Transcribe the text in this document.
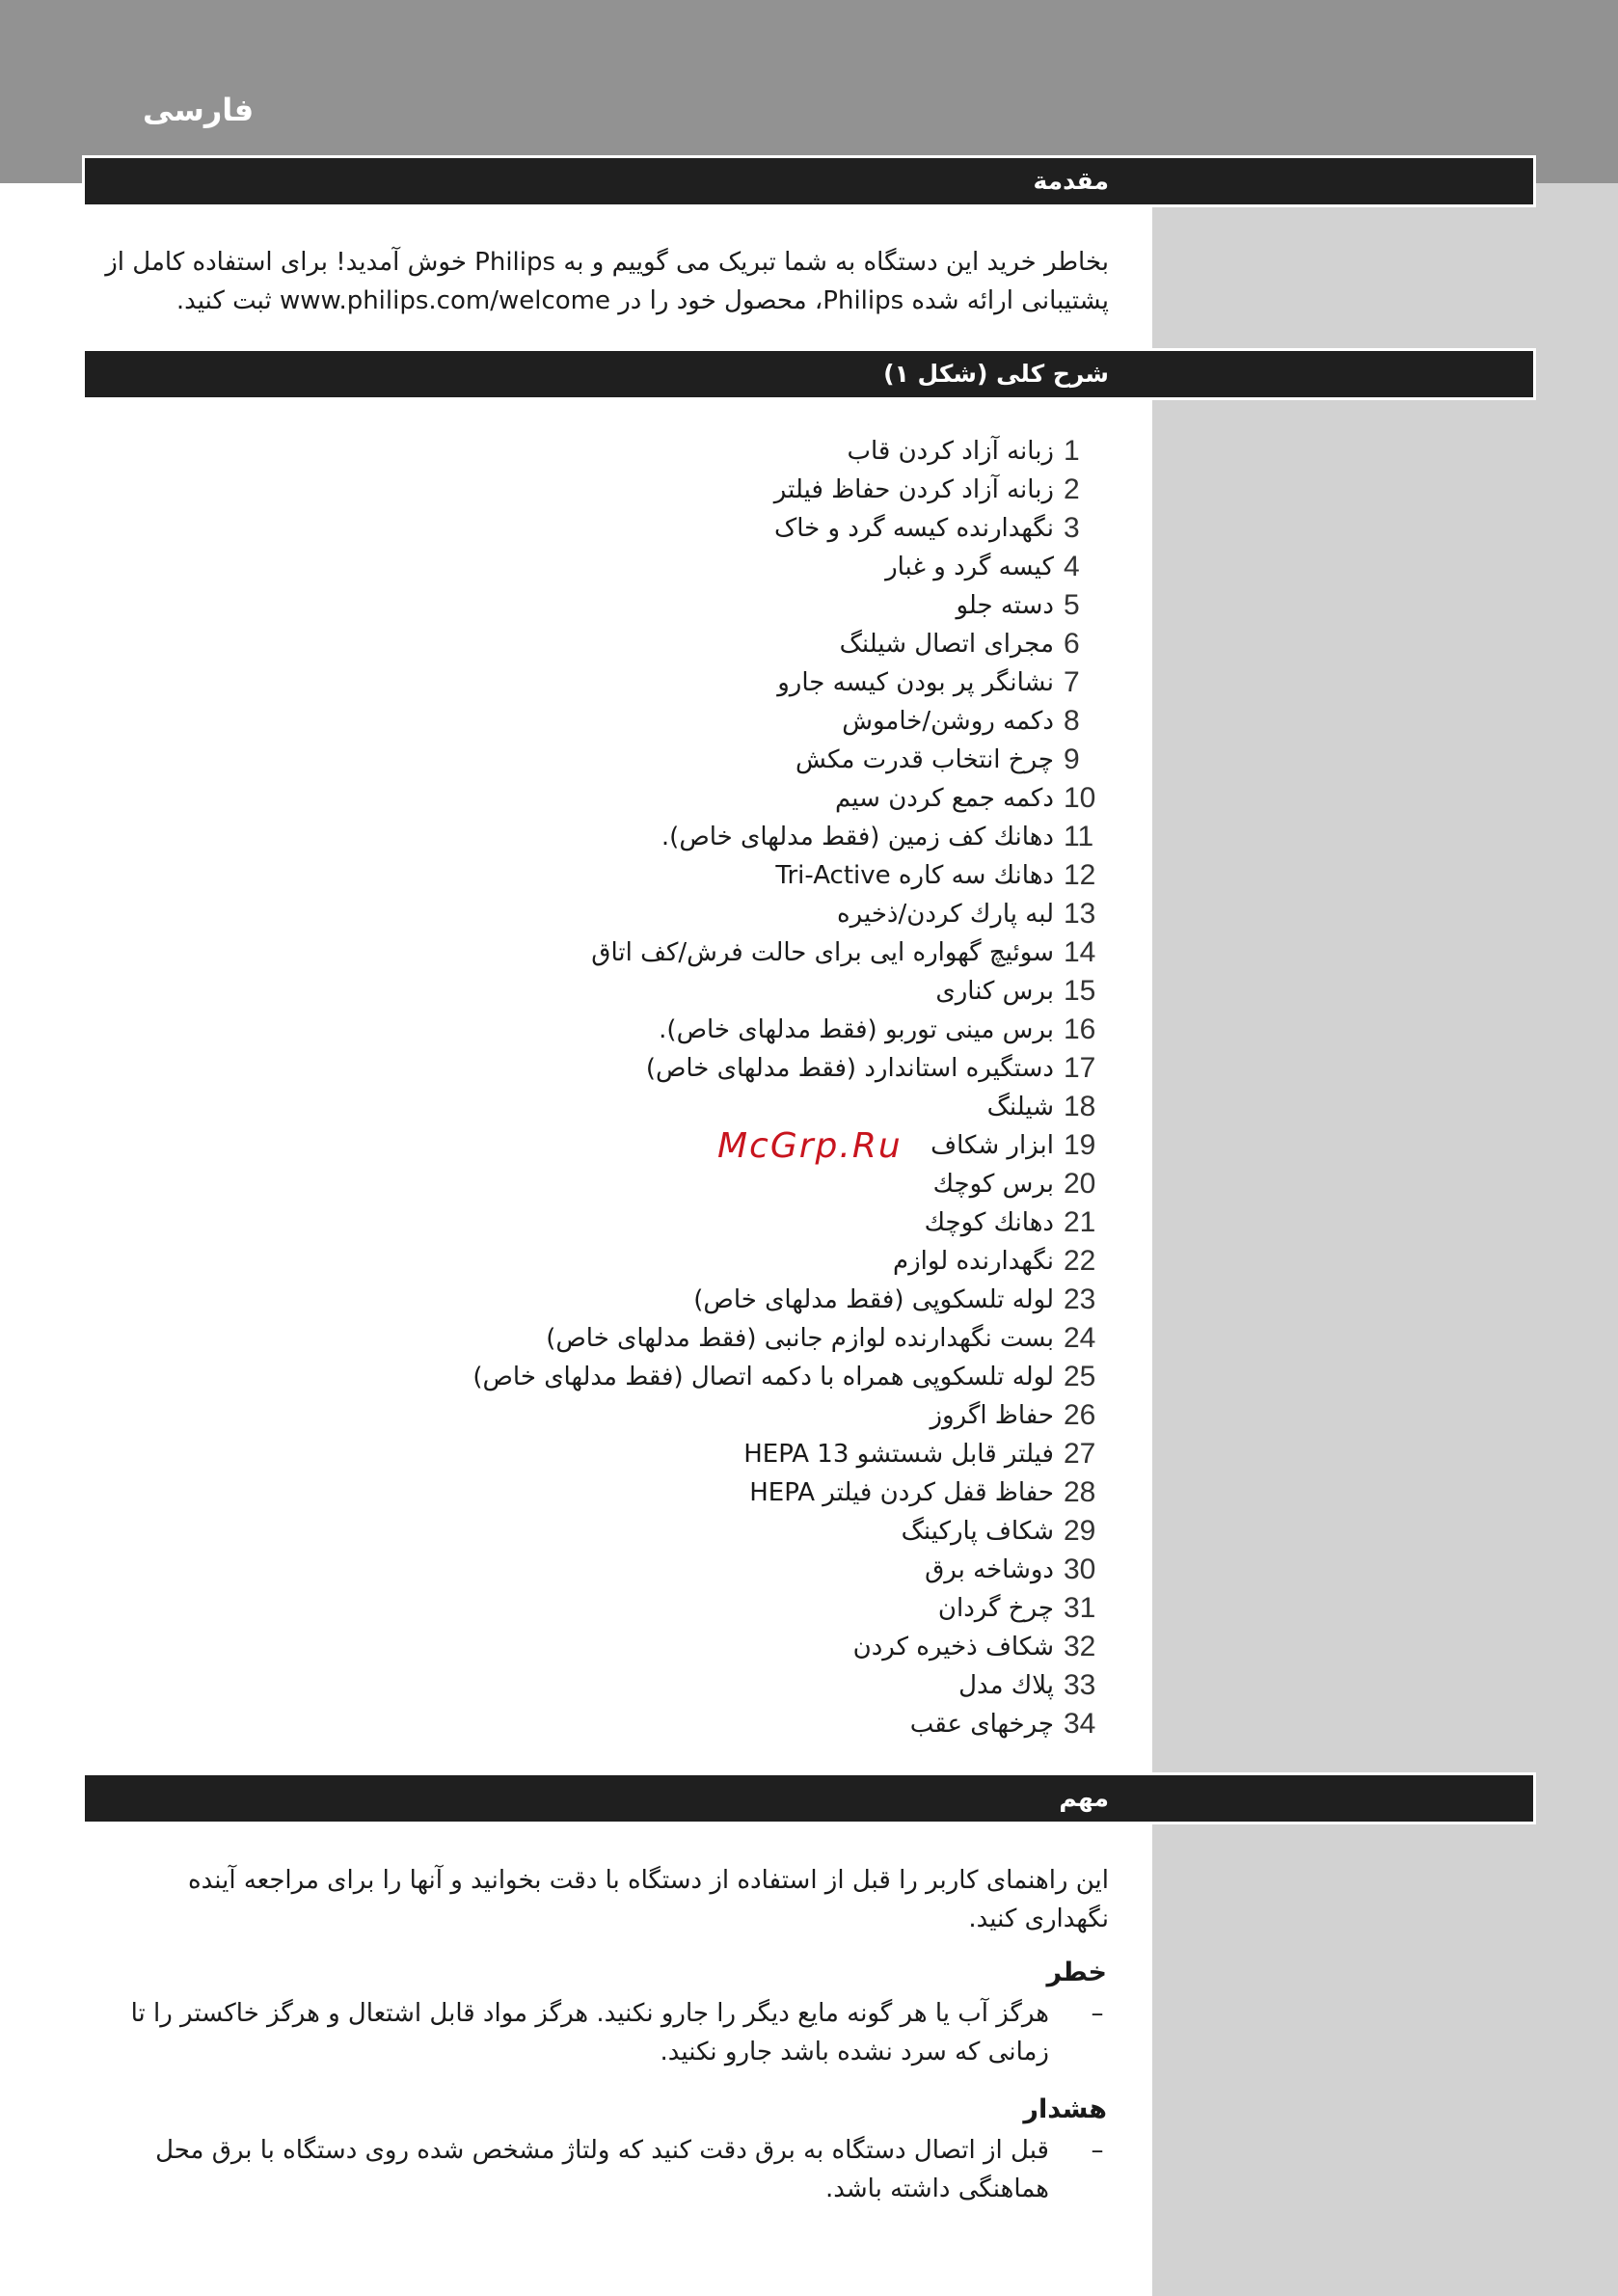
فارسی
مقدمة

بخاطر خرید این دستگاه به شما تبریک می گوییم و به Philips خوش آمدید! برای استفاده کامل از

پشتیبانی ارائه شده Philips، محصول خود را در www.philips.com/welcome ثبت کنید.

شرح کلی (شکل ۱)
1
زبانه آزاد کردن قاب
2
زبانه آزاد کردن حفاظ فیلتر
3
نگهدارنده کیسه گرد و خاک
4
کیسه گرد و غبار
5
دسته جلو
6
مجرای اتصال شیلنگ
7
نشانگر پر بودن کیسه جارو
8
دکمه روشن/خاموش
9
چرخ انتخاب قدرت مکش
10
دکمه جمع کردن سیم
11
دهانك کف زمین (فقط مدلهای خاص).
12
دهانك سه کاره Tri-Active
13
لبه پارك کردن/ذخیره
14
سوئیچ گهواره ایی برای حالت فرش/کف اتاق
15
برس کناری
16
برس مینی توربو (فقط مدلهای خاص).
17
دستگیره استاندارد (فقط مدلهای خاص)
18
شیلنگ
19
ابزار شکاف
20
برس کوچك
21
دهانك کوچك
22
نگهدارنده لوازم
23
لوله تلسکوپی (فقط مدلهای خاص)
24
بست نگهدارنده لوازم جانبی (فقط مدلهای خاص)
25
لوله تلسکوپی همراه با دکمه اتصال (فقط مدلهای خاص)
26
حفاظ اگروز
27
فیلتر قابل شستشو HEPA 13
28
حفاظ قفل کردن فیلتر HEPA
29
شکاف پارکینگ
30
دوشاخه برق
31
چرخ گردان
32
شکاف ذخیره کردن
33
پلاك مدل
34
چرخهای عقب
McGrp.Ru
مهم

این راهنمای کاربر را قبل از استفاده از دستگاه با دقت بخوانید و آنها را برای مراجعه آینده

نگهداری کنید.

خطر
–

هرگز آب یا هر گونه مایع دیگر را جارو نکنید. هرگز مواد قابل اشتعال و هرگز خاکستر را تا

زمانی که سرد نشده باشد جارو نکنید.

هشدار
–

قبل از اتصال دستگاه به برق دقت کنید که ولتاژ مشخص شده روی دستگاه با برق محل

هماهنگی داشته باشد.
